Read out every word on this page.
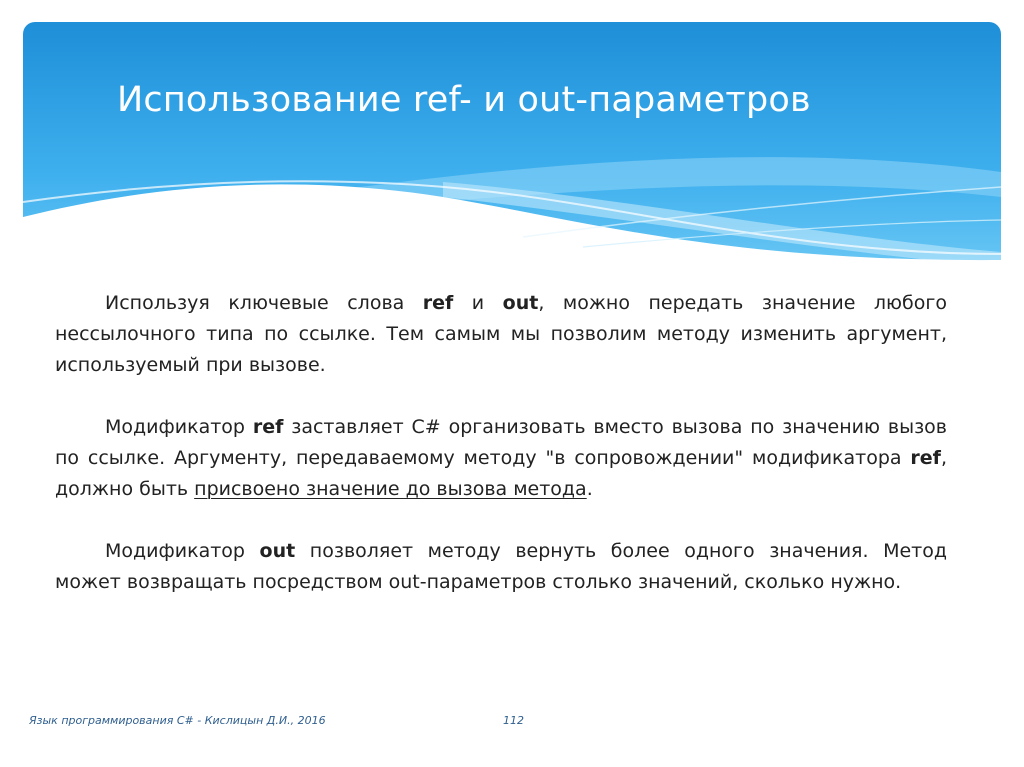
Использование ref- и out-параметров

Используя ключевые слова ref и out, можно передать значение любого нессылочного типа по ссылке. Тем самым мы позволим методу изменить аргумент, используемый при вызове.

Модификатор ref заставляет C# организовать вместо вызова по значению вызов по ссылке. Аргументу, передаваемому методу "в сопровождении" модификатора ref, должно быть присвоено значение до вызова метода.

Модификатор out позволяет методу вернуть более одного значения. Метод может возвращать посредством out-параметров столько значений, сколько нужно.

Язык программирования C# - Кислицын Д.И., 2016	112
